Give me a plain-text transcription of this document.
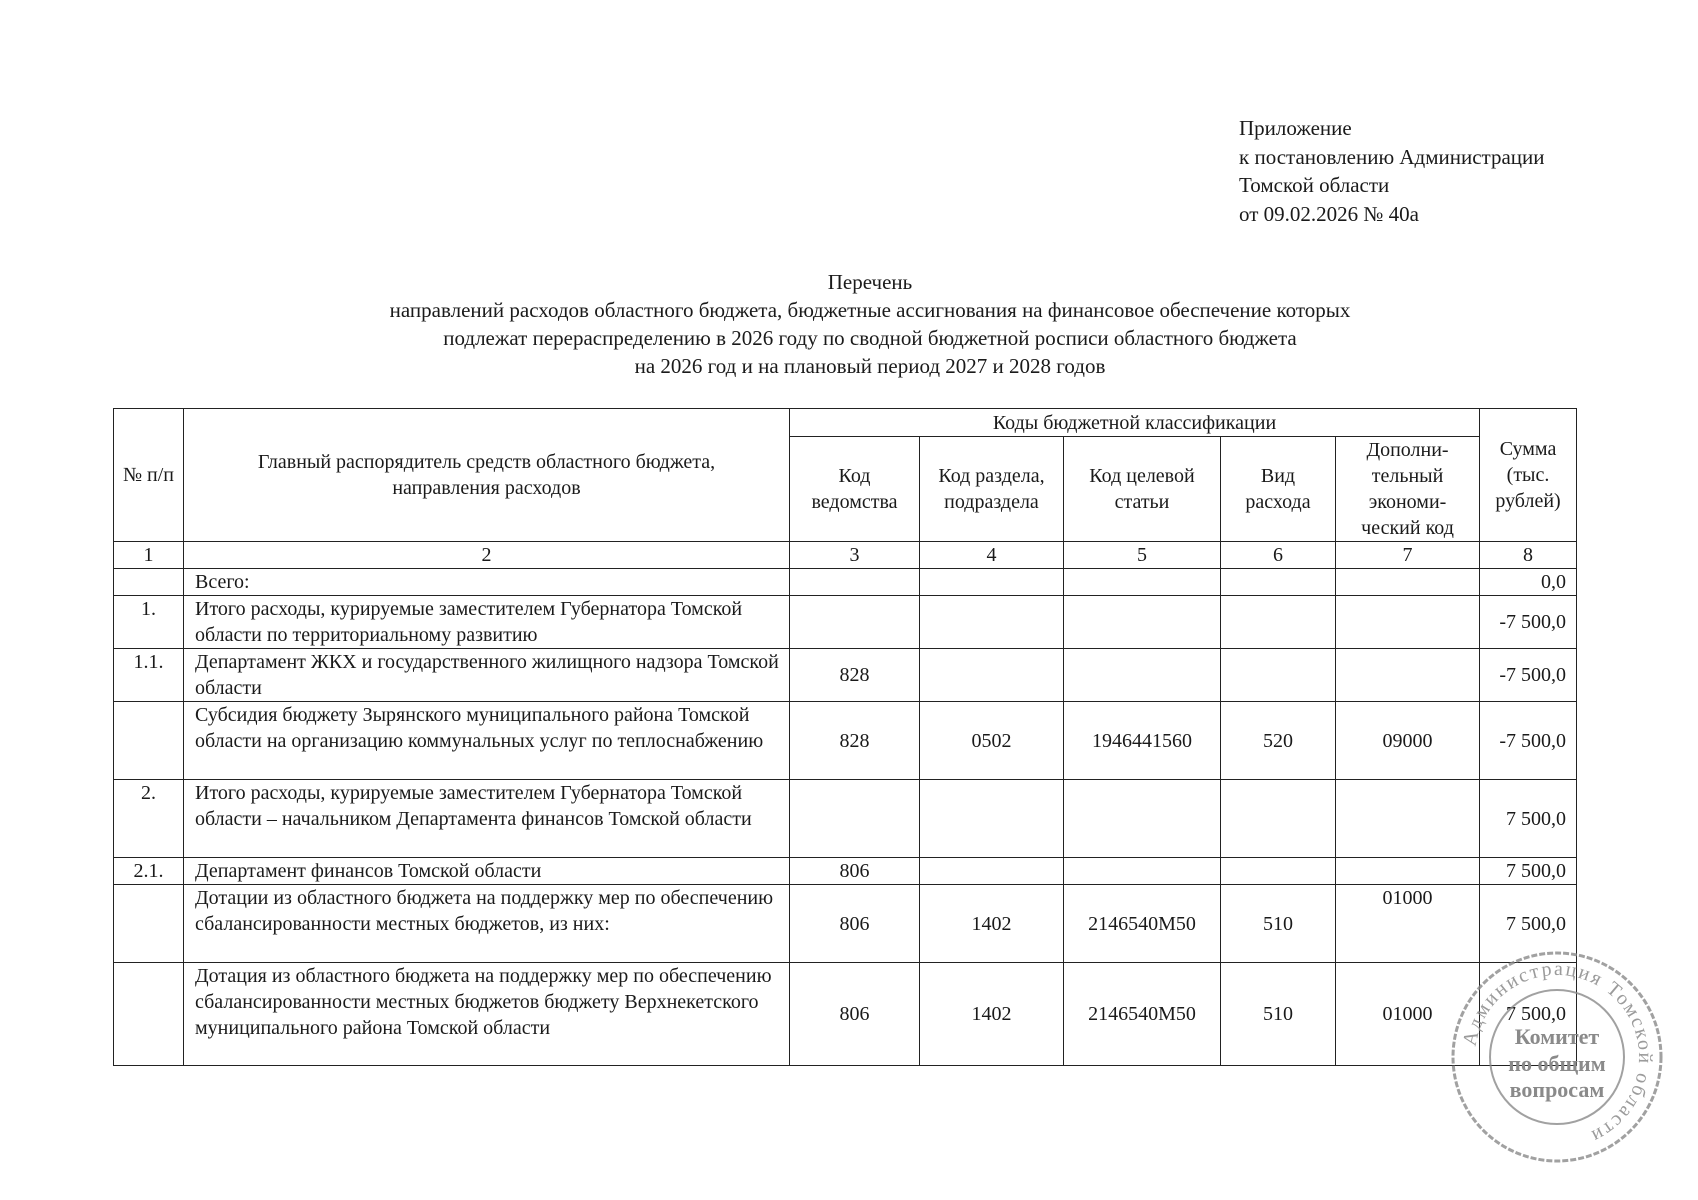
Приложение
к постановлению Администрации
Томской области
от 09.02.2026 № 40а
Перечень
направлений расходов областного бюджета, бюджетные ассигнования на финансовое обеспечение которых
подлежат перераспределению в 2026 году по сводной бюджетной росписи областного бюджета
на 2026 год и на плановый период 2027 и 2028 годов
№ п/п	Главный распорядитель средств областного бюджета, направления расходов	Коды бюджетной классификации					Сумма (тыс. рублей)
		Код ведомства	Код раздела, подраздела	Код целевой статьи	Вид расхода	Дополни-тельный экономи-ческий код	
1	2	3	4	5	6	7	8
	Всего:						0,0
1.	Итого расходы, курируемые заместителем Губернатора Томской области по территориальному развитию						-7 500,0
1.1.	Департамент ЖКХ и государственного жилищного надзора Томской области	828					-7 500,0
	Субсидия бюджету Зырянского муниципального района Томской области на организацию коммунальных услуг по теплоснабжению	828	0502	1946441560	520	09000	-7 500,0
2.	Итого расходы, курируемые заместителем Губернатора Томской области – начальником Департамента финансов Томской области						7 500,0
2.1.	Департамент финансов Томской области	806					7 500,0
	Дотации из областного бюджета на поддержку мер по обеспечению сбалансированности местных бюджетов, из них:	806	1402	2146540М50	510	01000	7 500,0
	Дотация из областного бюджета на поддержку мер по обеспечению сбалансированности местных бюджетов бюджету Верхнекетского муниципального района Томской области	806	1402	2146540М50	510	01000	7 500,0
Администрация Томской области
Комитет
по общим
вопросам
